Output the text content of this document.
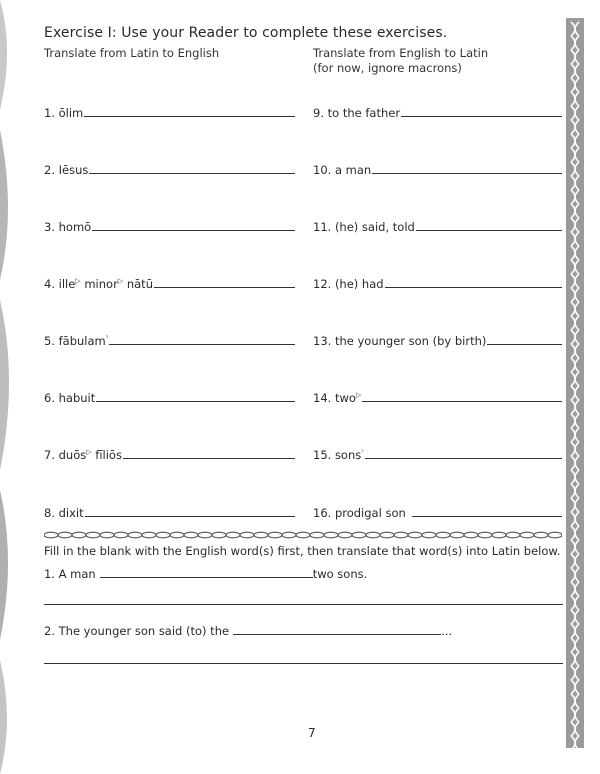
Exercise I: Use your Reader to complete these exercises.
Translate from Latin to English	Translate from English to Latin
(for now, ignore macrons)
1. ōlim
2. Iēsus
3. homō
4. ille▷ minor▷ nātū
5. fābulam$^ᵓ$
6. habuit
7. duōs▷ fīliōs
8. dixit
9. to the father
10. a man
11. (he) said, told
12. (he) had
13. the younger son (by birth)
14. two▷
15. sons$^ᵓ$
16. prodigal son
Fill in the blank with the English word(s) first, then translate that word(s) into Latin below.
1. A man	two sons.
2. The younger son said (to) the	...
7
